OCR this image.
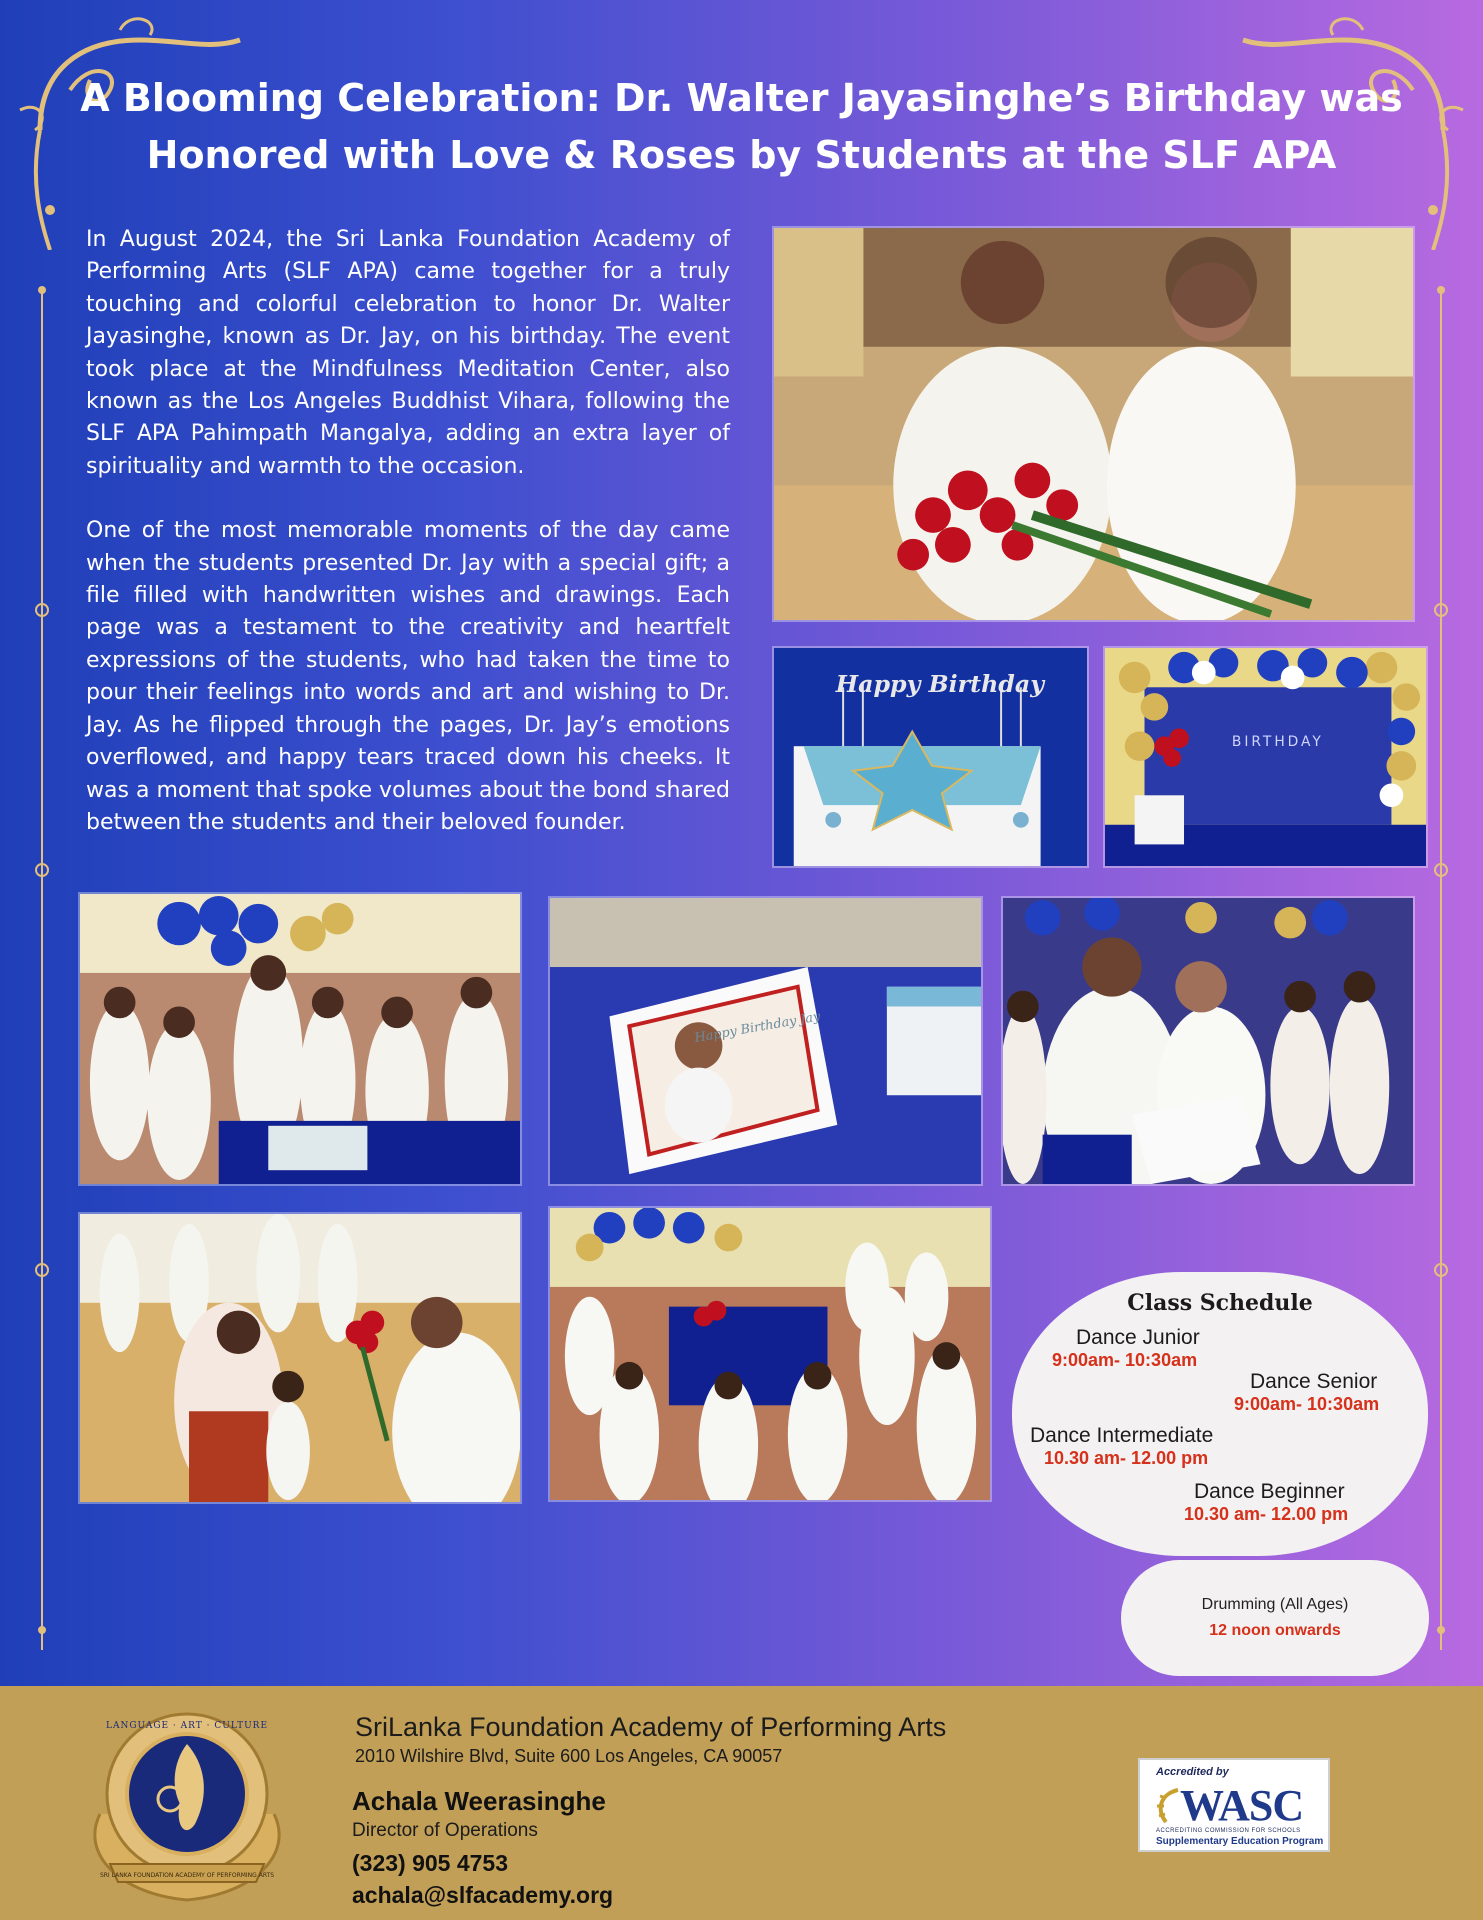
A Blooming Celebration: Dr. Walter Jayasinghe’s Birthday was
Honored with Love & Roses by Students at the SLF APA

In August 2024, the Sri Lanka Foundation Academy of Performing Arts (SLF APA) came together for a truly touching and colorful celebration to honor Dr. Walter Jayasinghe, known as Dr. Jay, on his birthday. The event took place at the Mindfulness Meditation Center, also known as the Los Angeles Buddhist Vihara, following the SLF APA Pahimpath Mangalya, adding an extra layer of spirituality and warmth to the occasion.

One of the most memorable moments of the day came when the students presented Dr. Jay with a special gift; a file filled with handwritten wishes and drawings. Each page was a testament to the creativity and heartfelt expressions of the students, who had taken the time to pour their feelings into words and art and wishing to Dr. Jay. As he flipped through the pages, Dr. Jay’s emotions overflowed, and happy tears traced down his cheeks. It was a moment that spoke volumes about the bond shared between the students and their beloved founder.

Happy Birthday
BIRTHDAY
Happy Birthday Jay
Class Schedule
Dance Junior
9:00am- 10:30am
Dance Senior
9:00am- 10:30am
Dance Intermediate
10.30 am- 12.00 pm
Dance Beginner
10.30 am- 12.00 pm
Drumming (All Ages)
12 noon onwards
LANGUAGE · ART · CULTURE
SRI LANKA FOUNDATION ACADEMY OF PERFORMING ARTS
SriLanka Foundation Academy of Performing Arts
2010 Wilshire Blvd, Suite 600 Los Angeles, CA 90057
Achala Weerasinghe
Director of Operations
(323) 905 4753
achala@slfacademy.org
Accredited by
WASC
ACCREDITING COMMISSION FOR SCHOOLS
Supplementary Education Program
